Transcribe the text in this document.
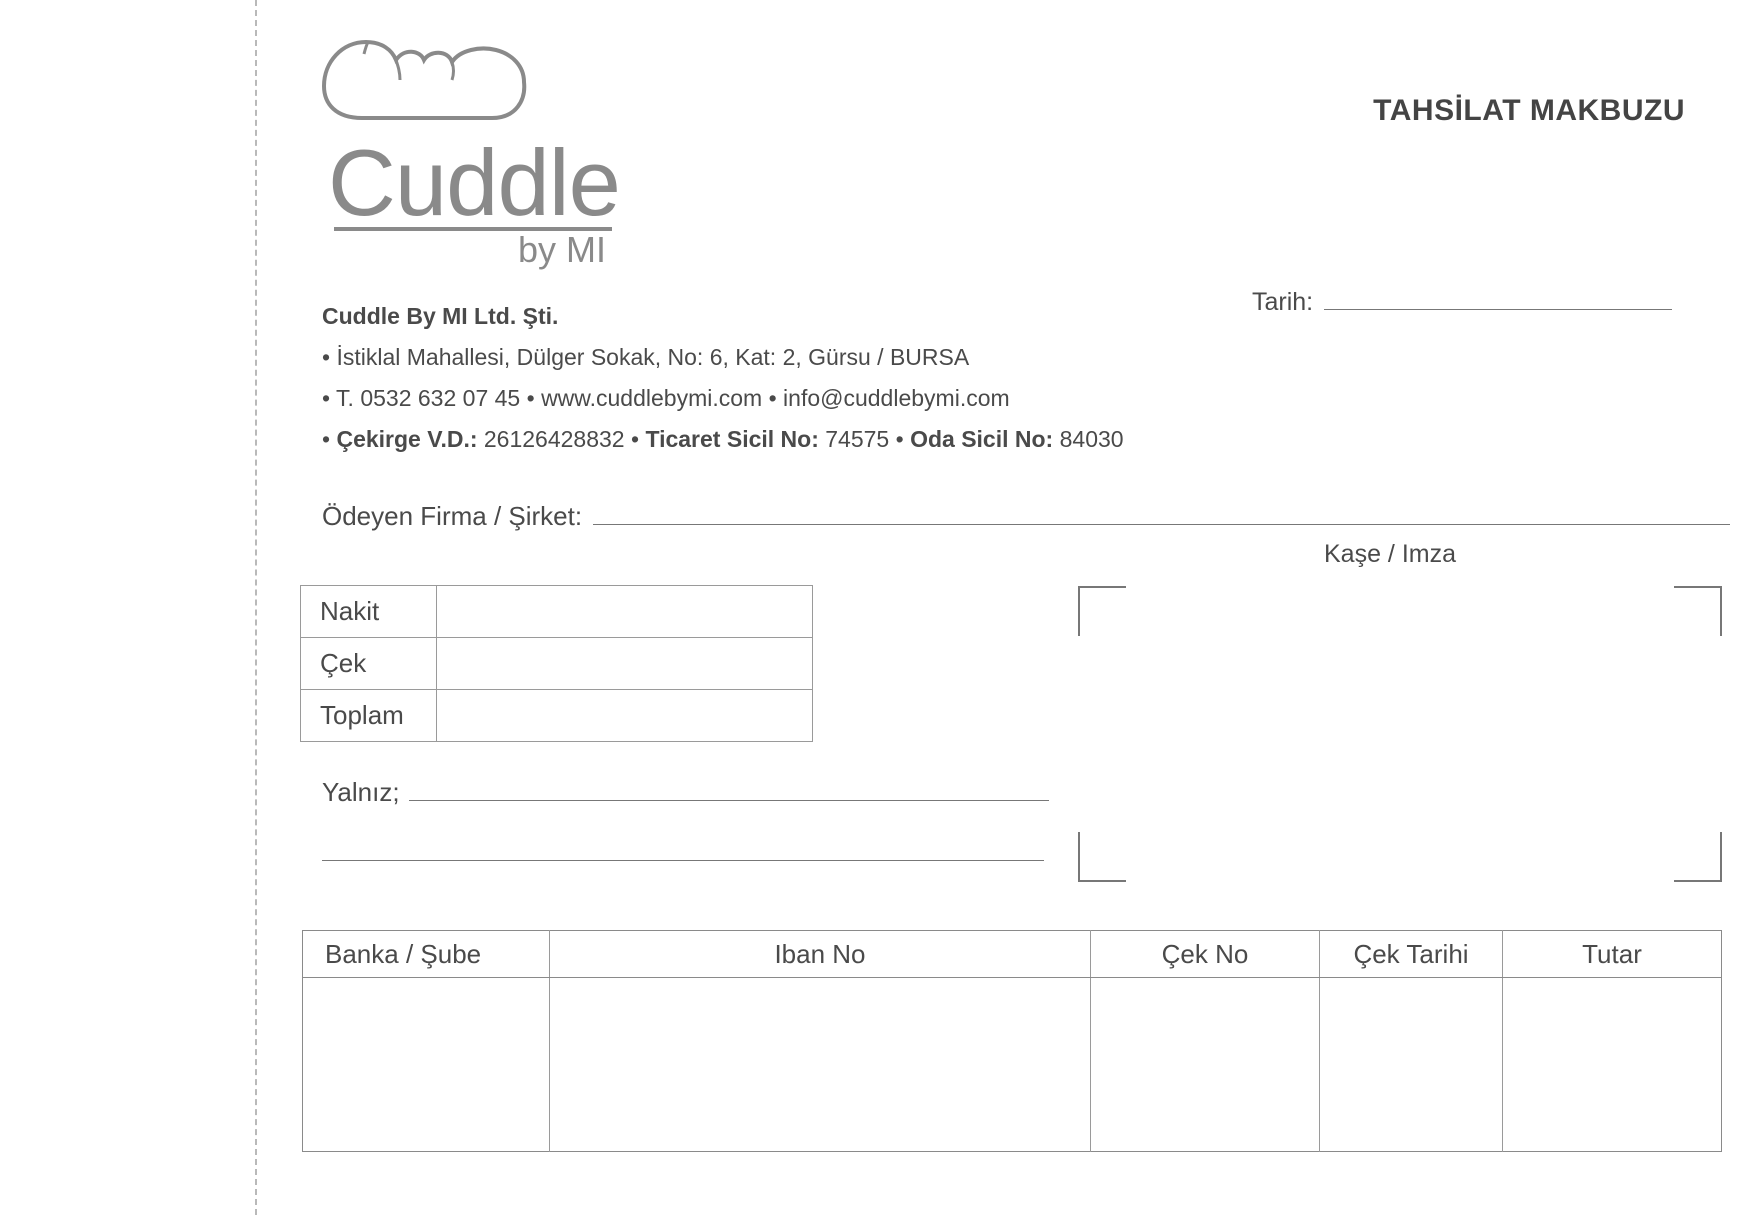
Cuddle
by MI
TAHSİLAT MAKBUZU
Cuddle By MI Ltd. Şti.
• İstiklal Mahallesi, Dülger Sokak, No: 6, Kat: 2, Gürsu / BURSA
• T. 0532 632 07 45 • www.cuddlebymi.com • info@cuddlebymi.com
• Çekirge V.D.: 26126428832 • Ticaret Sicil No: 74575 • Oda Sicil No: 84030
Tarih:
Ödeyen Firma / Şirket:
Kaşe / Imza
Nakit	
Çek	
Toplam	
Yalnız;
Banka / Şube	Iban No	Çek No	Çek Tarihi	Tutar
